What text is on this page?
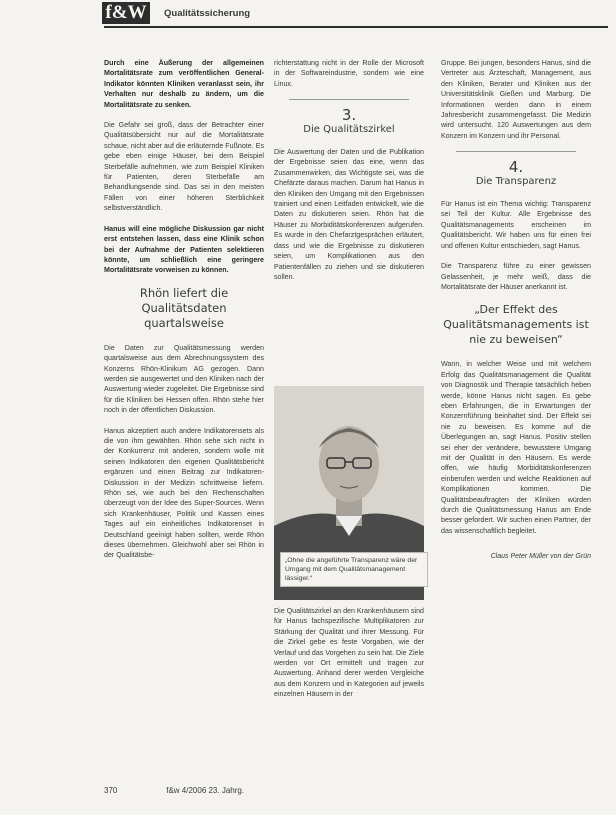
f&W	Qualitätssicherung

Durch eine Äußerung der allgemeinen Mortalitätsrate zum veröffentlichen General-Indikator könnten Kliniken veranlasst sein, ihr Verhalten nur deshalb zu ändern, um die Mortalitätsrate zu senken.

Die Gefahr sei groß, dass der Betrachter einer Qualitätsübersicht nur auf die Mortalitätsrate schaue, nicht aber auf die erläuternde Fußnote. Es gebe eben einige Häuser, bei dem Beispiel Sterbefälle aufnehmen, wie zum Beispiel Kliniken für Patienten, deren Sterbefälle am Behandlungsende sind. Das sei in den meisten Fällen von einer höheren Sterblichkeit selbstverständlich.

Hanus will eine mögliche Diskussion gar nicht erst entstehen lassen, dass eine Klinik schon bei der Aufnahme der Patienten selektieren könnte, um schließlich eine geringere Mortalitätsrate vorweisen zu können.

Rhön liefert die Qualitätsdaten quartalsweise

Die Daten zur Qualitätsmessung werden quartalsweise aus dem Abrechnungssystem des Konzerns Rhön-Klinikum AG gezogen. Dann werden sie ausgewertet und den Kliniken nach der Auswertung wieder zugeleitet. Die Ergebnisse sind für die Kliniken bei Hessen offen. Rhön stehe hier noch in der öffentlichen Diskussion.

Hanus akzeptiert auch andere Indikatorensets als die von ihm gewählten. Rhön sehe sich nicht in der Konkurrenz mit anderen, sondern wolle mit seinen Indikatoren den eigenen Qualitätsbericht ergänzen und einen Beitrag zur Indikatoren-Diskussion in der Medizin schrittweise liefern. Rhön sei, wie auch bei den Rechenschaften überzeugt von der Idee des Super-Sources. Wenn sich Krankenhäuser, Politik und Kassen eines Tages auf ein einheitliches Indikatorenset in Deutschland geeinigt haben sollten, werde Rhön dieses übernehmen. Gleichwohl aber sei Rhön in der Qualitätsbe-

richterstattung nicht in der Rolle der Microsoft in der Softwareindustrie, sondern wie eine Linux.

3.
Die Qualitätszirkel

Die Auswertung der Daten und die Publikation der Ergebnisse seien das eine, wenn das Zusammenwirken, das Wichtigste sei, was die Chefärzte daraus machen. Darum hat Hanus in den Kliniken den Umgang mit den Ergebnissen trainiert und einen Leitfaden entwickelt, wie die Daten zu diskutieren seien. Rhön hat die Häuser zu Morbiditätskonferenzen aufgerufen. Es wurde in den Chefarztgesprächen erläutert, dass und wie die Ergebnisse zu diskutieren seien, um Komplikationen aus den Patientenfällen zu ziehen und sie diskutieren sollen.

„Ohne die angeführte Transparenz wäre der Umgang mit dem Qualitätsmanagement lässiger.“

Die Qualitätszirkel an den Krankenhäusern sind für Hanus fachspezifische Multiplikatoren zur Stärkung der Qualität und ihrer Messung. Für die Zirkel gebe es feste Vorgaben, wie der Verlauf und das Vorgehen zu sein hat. Die Ziele werden vor Ort ermittelt und tragen zur Auswertung. Anhand derer werden Vergleiche aus dem Konzern und in Kategorien auf jeweils einzelnen Häusern in der

Gruppe. Bei jungen, besonders Hanus, sind die Vertreter aus Ärzteschaft, Management, aus den Kliniken, Berater und Kliniken aus der Universitätsklinik Gießen und Marburg. Die Informationen werden dann in einem Jahresbericht zusammengefasst. Die Medizin wird untersucht. 120 Auswertungen aus dem Konzern im Konzern und ihr Personal.

4.
Die Transparenz

Für Hanus ist ein Thema wichtig: Transparenz sei Teil der Kultur. Alle Ergebnisse des Qualitätsmanagements erscheinen im Qualitätsbericht. Wir haben uns für einen frei und offenen Kultur entschieden, sagt Hanus.

Die Transparenz führe zu einer gewissen Gelassenheit, je mehr weiß, dass die Mortalitätsrate der Häuser anerkannt ist.

„Der Effekt des Qualitätsmanagements ist nie zu beweisen“

Wann, in welcher Weise und mit welchem Erfolg das Qualitätsmanagement die Qualität von Diagnostik und Therapie tatsächlich heben werde, könne Hanus nicht sagen. Es gebe eben Erfahrungen, die in Erwartungen der Konzernführung beinhaltet sind. Der Effekt sei nie zu beweisen. Es komme auf die Überlegungen an, sagt Hanus. Positiv stellen sei eher der verändere, bewusstere Umgang mit der Qualität in den Häusern. Es werde offen, wie häufig Morbiditätskonferenzen einberufen werden und welche Reaktionen auf Komplikationen kommen. Die Qualitätsbeauftragten der Kliniken würden durch die Qualitätsmessung Hanus am Ende besser gefordert. Wir suchen einen Partner, der das wissenschaftlich begleitet.

Claus Peter Müller von der Grün
370	f&w 4/2006 23. Jahrg.
